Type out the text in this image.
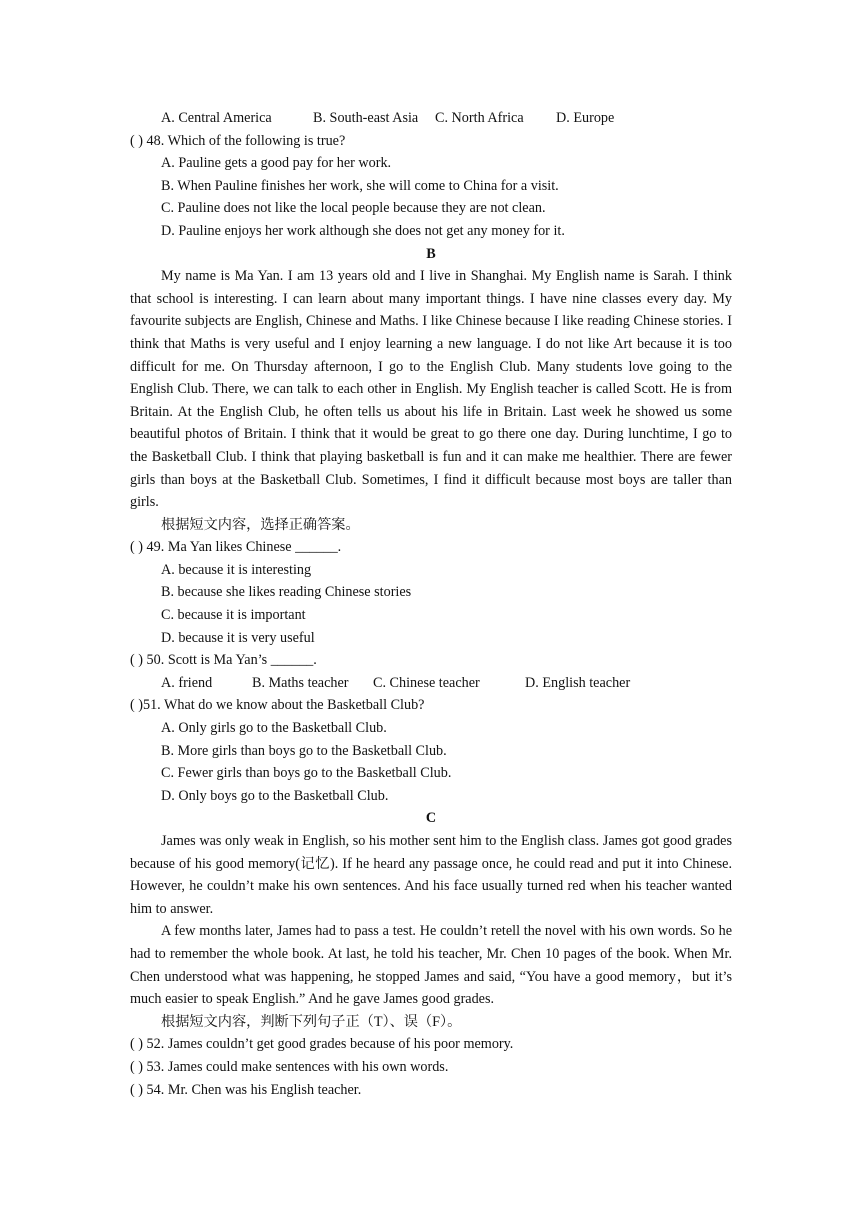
A. Central America	B. South-east Asia	C. North Africa	D. Europe
( ) 48. Which of the following is true?
A. Pauline gets a good pay for her work.
B. When Pauline finishes her work, she will come to China for a visit.
C. Pauline does not like the local people because they are not clean.
D. Pauline enjoys her work although she does not get any money for it.
B

My name is Ma Yan. I am 13 years old and I live in Shanghai. My English name is Sarah. I think that school is interesting. I can learn about many important things. I have nine classes every day. My favourite subjects are English, Chinese and Maths. I like Chinese because I like reading Chinese stories. I think that Maths is very useful and I enjoy learning a new language. I do not like Art because it is too difficult for me. On Thursday afternoon, I go to the English Club. Many students love going to the English Club. There, we can talk to each other in English. My English teacher is called Scott. He is from Britain. At the English Club, he often tells us about his life in Britain. Last week he showed us some beautiful photos of Britain. I think that it would be great to go there one day. During lunchtime, I go to the Basketball Club. I think that playing basketball is fun and it can make me healthier. There are fewer girls than boys at the Basketball Club. Sometimes, I find it difficult because most boys are taller than girls.

根据短文内容，选择正确答案。
( ) 49. Ma Yan likes Chinese ______.
A. because it is interesting
B. because she likes reading Chinese stories
C. because it is important
D. because it is very useful
( ) 50. Scott is Ma Yan’s ______.
A. friend	B. Maths teacher	C. Chinese teacher	D. English teacher
( )51. What do we know about the Basketball Club?
A. Only girls go to the Basketball Club.
B. More girls than boys go to the Basketball Club.
C. Fewer girls than boys go to the Basketball Club.
D. Only boys go to the Basketball Club.
C

James was only weak in English, so his mother sent him to the English class. James got good grades because of his good memory(记忆). If he heard any passage once, he could read and put it into Chinese. However, he couldn’t make his own sentences. And his face usually turned red when his teacher wanted him to answer.

A few months later, James had to pass a test. He couldn’t retell the novel with his own words. So he had to remember the whole book. At last, he told his teacher, Mr. Chen 10 pages of the book. When Mr. Chen understood what was happening, he stopped James and said, “You have a good memory，but it’s much easier to speak English.” And he gave James good grades.

根据短文内容，判断下列句子正（T）、误（F）。
( ) 52. James couldn’t get good grades because of his poor memory.
( ) 53. James could make sentences with his own words.
( ) 54. Mr. Chen was his English teacher.
